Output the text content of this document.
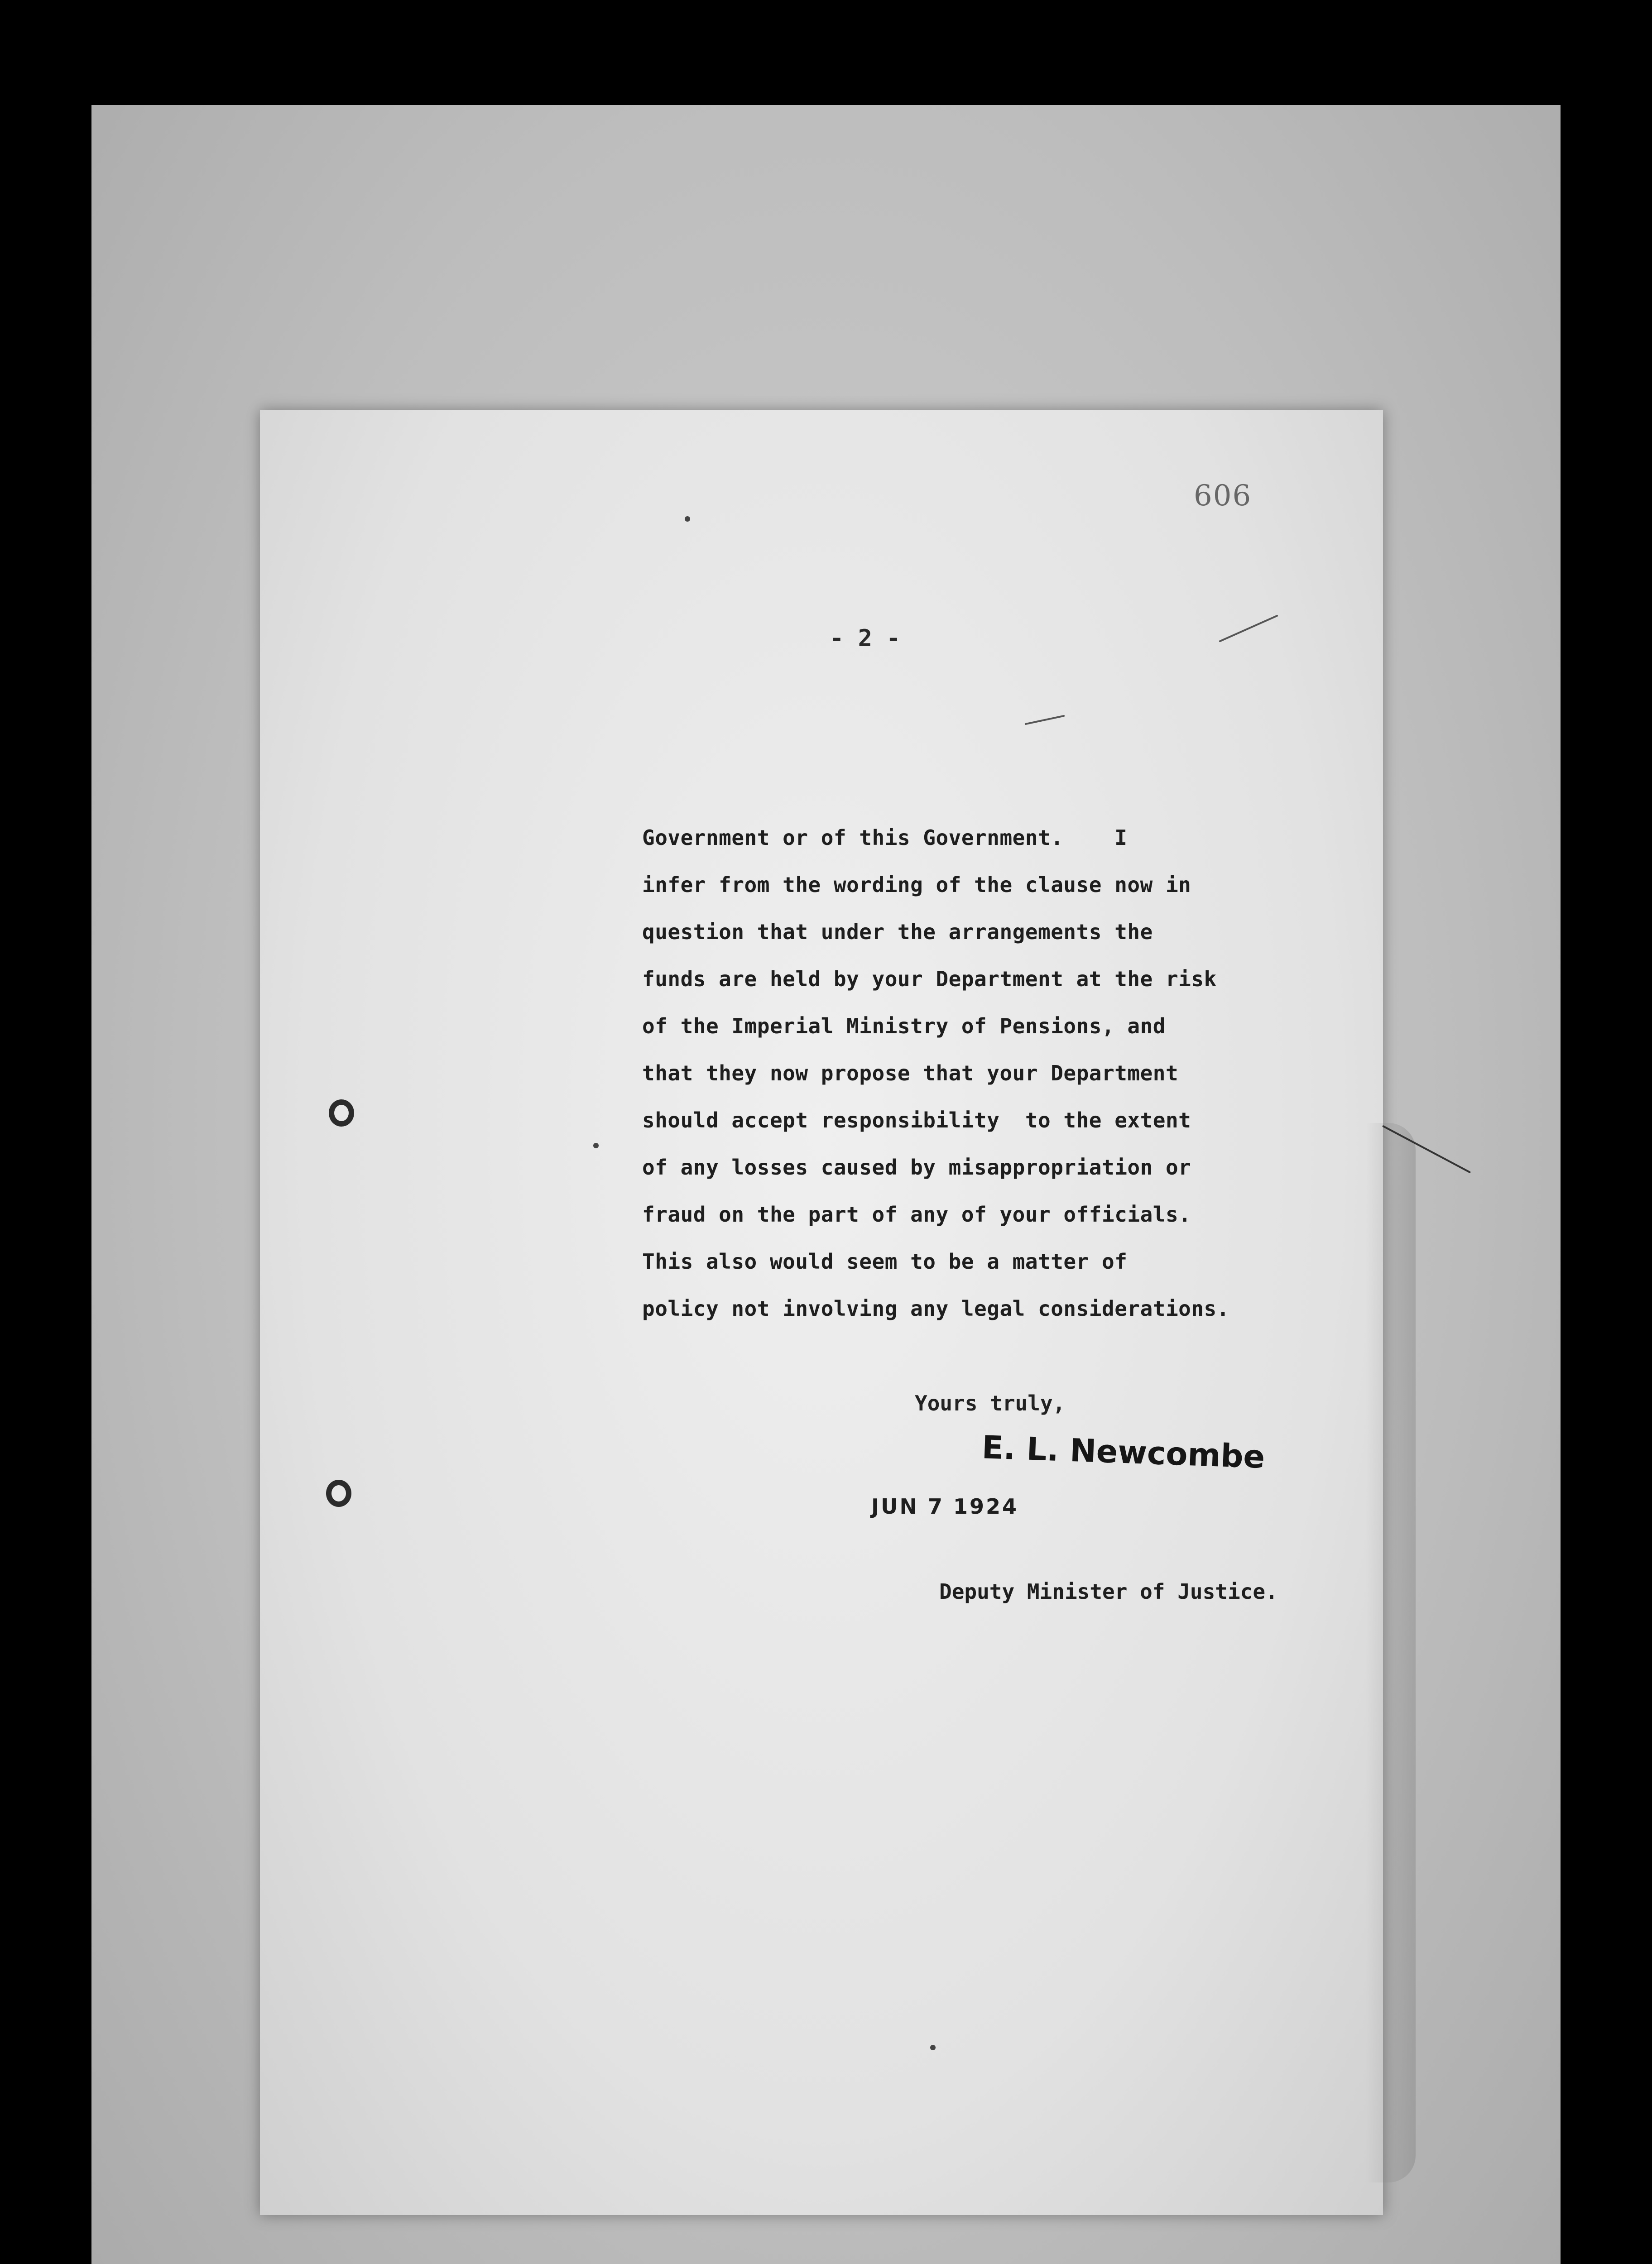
606
- 2 -
Government or of this Government.    I
infer from the wording of the clause now in
question that under the arrangements the
funds are held by your Department at the risk
of the Imperial Ministry of Pensions, and
that they now propose that your Department
should accept responsibility  to the extent
of any losses caused by misappropriation or
fraud on the part of any of your officials.
This also would seem to be a matter of
policy not involving any legal considerations.
Yours truly,
E. L. Newcombe
JUN 7 1924
Deputy Minister of Justice.
